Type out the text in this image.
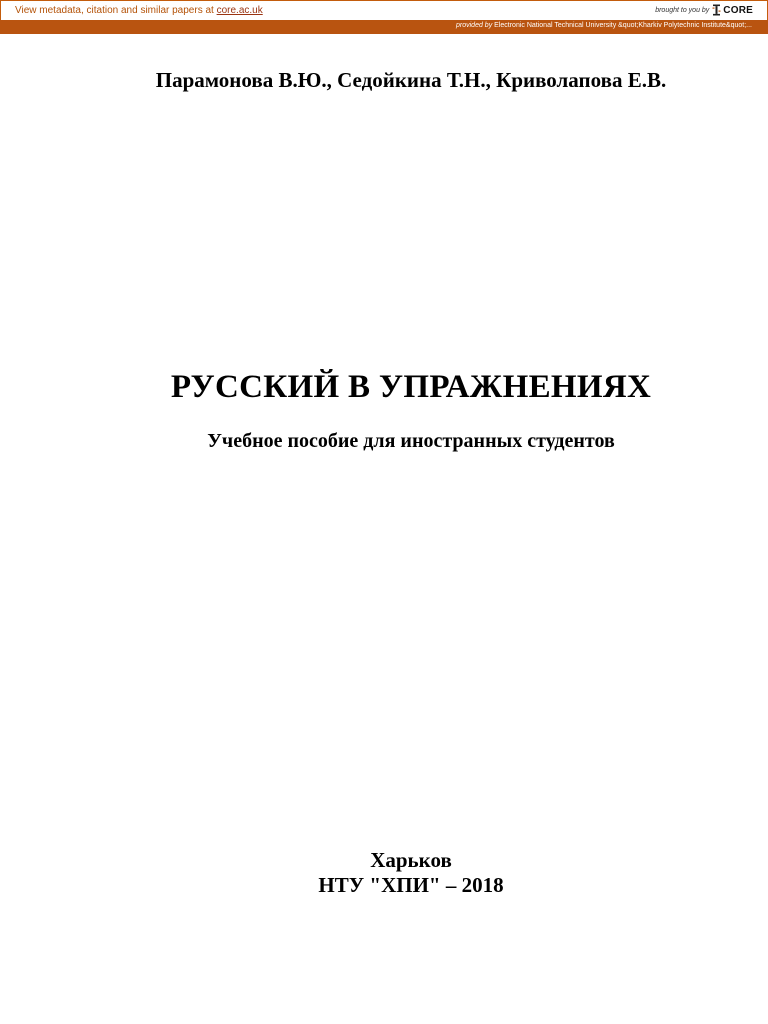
View metadata, citation and similar papers at core.ac.uk	brought to you by CORE
provided by Electronic National Technical University &quot;Kharkiv Polytechnic Institute&quot;...
Парамонова В.Ю., Седойкина Т.Н., Криволапова Е.В.
РУССКИЙ В УПРАЖНЕНИЯХ
Учебное пособие для иностранных студентов
Харьков
НТУ "ХПИ" – 2018
